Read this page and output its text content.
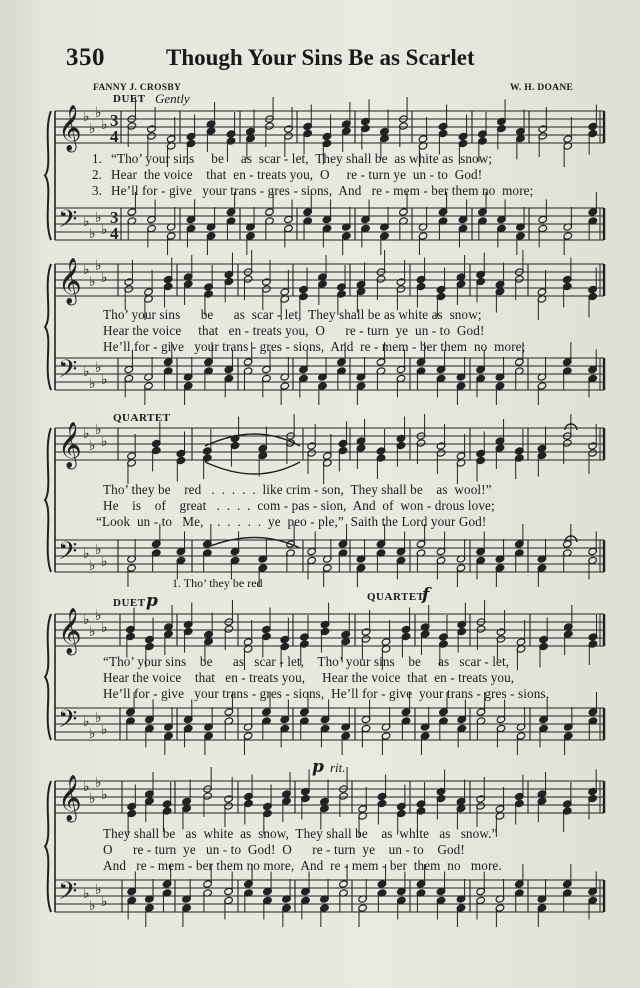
350	Though Your Sins Be as Scarlet
FANNY J. CROSBY	W. H. DOANE
DUET Gently
QUARTET
DUET p	QUARTET
f
p rit.
𝄞
𝄢
♭
♭
♭
♭
♭
♭
♭
♭
3
4
3
4
𝄞
𝄢
♭
♭
♭
♭
♭
♭
♭
♭
𝄞
𝄢
♭
♭
♭
♭
♭
♭
♭
♭
𝄞
𝄢
♭
♭
♭
♭
♭
♭
♭
♭
𝄞
𝄢
♭
♭
♭
♭
♭
♭
♭
♭
1.
2.
3.
“Tho’ your sins     be     as  scar - let,  They shall be  as white as  snow;
Hear  the voice    that  en - treats you,  O     re - turn ye  un - to  God!
He’ll for - give   your trans - gres - sions,  And   re - mem - ber them no  more;
Tho’ your sins      be      as  scar - let,  They shall be as white as  snow;
Hear the voice     that   en - treats you,  O      re - turn  ye  un - to  God!
He’ll for - give   your trans - gres - sions,  And  re - mem - ber them  no  more;
Tho’ they be    red   .  .  .  .  .  like crim - son,  They shall be    as  wool!”
He    is    of    great   .  .  .  .  com - pas - sion,  And  of  won - drous love;
“Look  un - to   Me,    .  .  .  .  .  ye  peo - ple,”  Saith the Lord your God!
1. Tho’ they be red
“Tho’ your sins    be      as   scar - let,    Tho’ your sins    be     as   scar - let,
Hear the voice    that   en - treats you,     Hear the voice  that  en - treats you,
He’ll for - give   your trans - gres - sions,  He’ll for - give  your trans - gres - sions,
They shall be   as  white  as  snow,  They shall be    as  white   as   snow.”
O      re - turn  ye   un - to  God!  O      re - turn  ye    un - to    God!
And   re - mem - ber them no more,  And  re - mem - ber  them  no   more.
